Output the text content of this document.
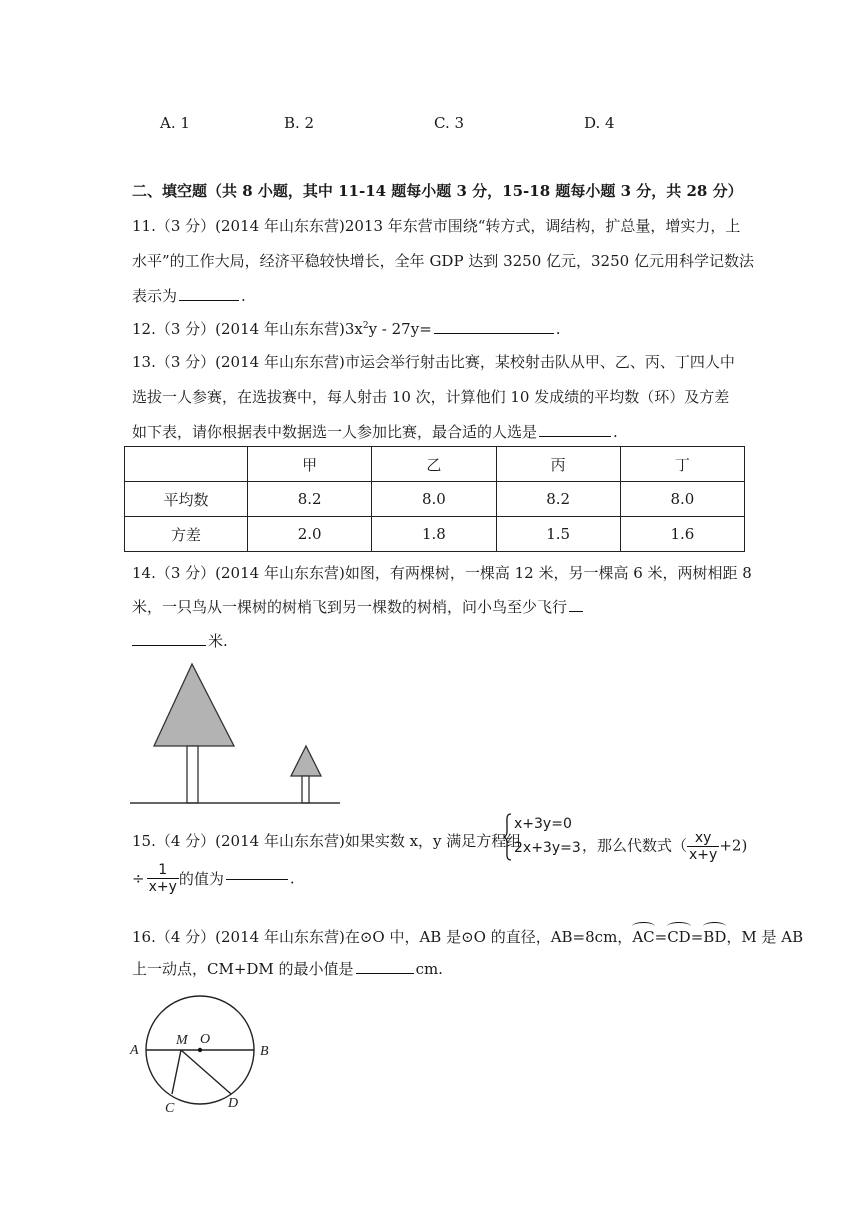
A. 1	B. 2	C. 3	D. 4
二、填空题（共 8 小题，其中 11-14 题每小题 3 分，15-18 题每小题 3 分，共 28 分）
11.（3 分）(2014 年山东东营)2013 年东营市围绕“转方式，调结构，扩总量，增实力，上
水平”的工作大局，经济平稳较快增长，全年 GDP 达到 3250 亿元，3250 亿元用科学记数法
表示为	.
12.（3 分）(2014 年山东东营)$3x^2y - 27y=$	.
13.（3 分）(2014 年山东东营)市运会举行射击比赛，某校射击队从甲、乙、丙、丁四人中
选拔一人参赛，在选拔赛中，每人射击 10 次，计算他们 10 发成绩的平均数（环）及方差
如下表，请你根据表中数据选一人参加比赛，最合适的人选是	.
	甲	乙	丙	丁
平均数	8.2	8.0	8.2	8.0
方差	2.0	1.8	1.5	1.6
14.（3 分）(2014 年山东东营)如图，有两棵树，一棵高 12 米，另一棵高 6 米，两树相距 8
米，一只鸟从一棵树的树梢飞到另一棵数的树梢，问小鸟至少飞行
米.
15.（4 分）(2014 年山东东营)如果实数 x，y 满足方程组
x+3y=0
2x+3y=3 ，那么代数式（ $\frac{xy}{x+y} +2$)
÷ $\frac{1}{x+y}$ 的值为	.
16.（4 分）(2014 年山东东营)在⊙O 中，AB 是⊙O 的直径，AB=8cm，AC=CD=BD，M 是 AB
上一动点，CM+DM 的最小值是	cm.
A	B
M O
C	D
